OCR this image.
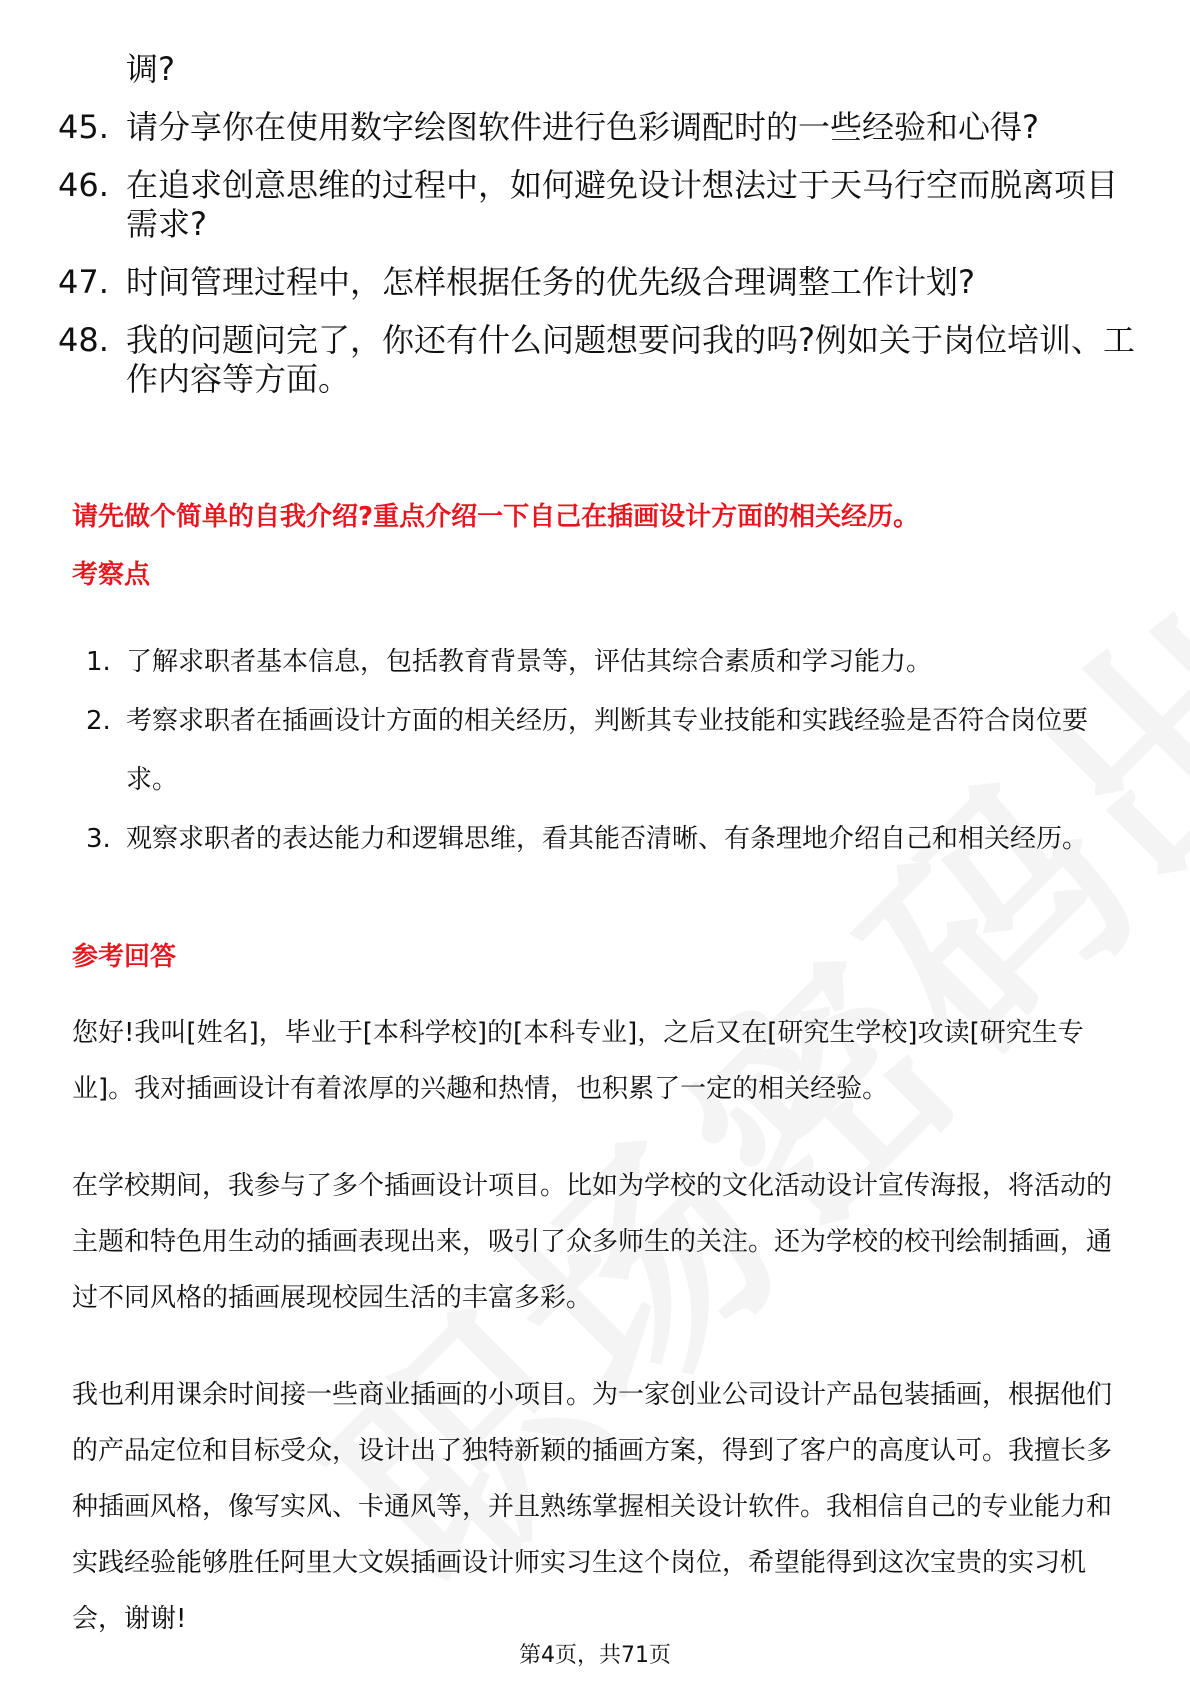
调?
45. 请分享你在使用数字绘图软件进行色彩调配时的一些经验和心得?
46. 在追求创意思维的过程中，如何避免设计想法过于天马行空而脱离项目需求?
47. 时间管理过程中，怎样根据任务的优先级合理调整工作计划?
48. 我的问题问完了，你还有什么问题想要问我的吗?例如关于岗位培训、工作内容等方面。
请先做个简单的自我介绍?重点介绍一下自己在插画设计方面的相关经历。
考察点
1. 了解求职者基本信息，包括教育背景等，评估其综合素质和学习能力。
2. 考察求职者在插画设计方面的相关经历，判断其专业技能和实践经验是否符合岗位要求。
3. 观察求职者的表达能力和逻辑思维，看其能否清晰、有条理地介绍自己和相关经历。
参考回答

您好!我叫[姓名]，毕业于[本科学校]的[本科专业]，之后又在[研究生学校]攻读[研究生专业]。我对插画设计有着浓厚的兴趣和热情，也积累了一定的相关经验。

在学校期间，我参与了多个插画设计项目。比如为学校的文化活动设计宣传海报，将活动的主题和特色用生动的插画表现出来，吸引了众多师生的关注。还为学校的校刊绘制插画，通过不同风格的插画展现校园生活的丰富多彩。

我也利用课余时间接一些商业插画的小项目。为一家创业公司设计产品包装插画，根据他们的产品定位和目标受众，设计出了独特新颖的插画方案，得到了客户的高度认可。我擅长多种插画风格，像写实风、卡通风等，并且熟练掌握相关设计软件。我相信自己的专业能力和实践经验能够胜任阿里大文娱插画设计师实习生这个岗位，希望能得到这次宝贵的实习机会，谢谢!

第4页，共71页
